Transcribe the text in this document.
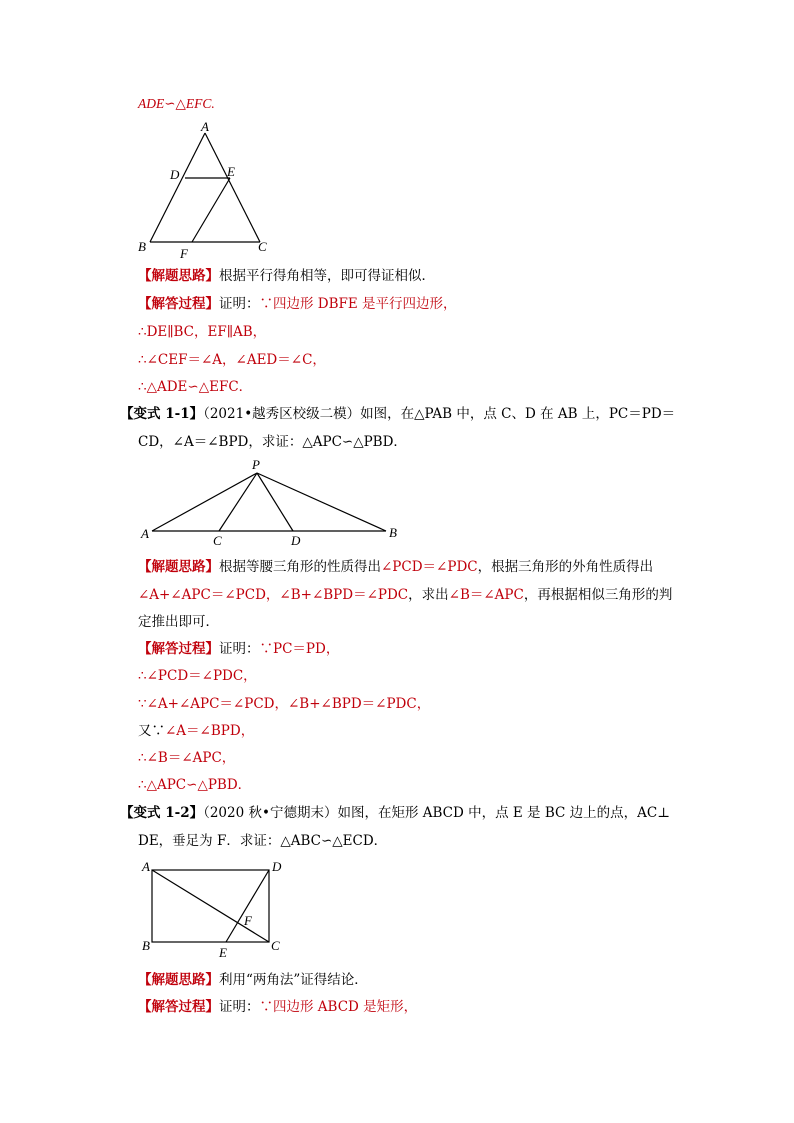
ADE∽△EFC.
A
D	E
B	F	C
【解题思路】根据平行得角相等，即可得证相似．
【解答过程】证明：∵四边形 DBFE 是平行四边形，
∴DE∥BC，EF∥AB，
∴∠CEF＝∠A，∠AED＝∠C，
∴△ADE∽△EFC．
【变式 1-1】（2021•越秀区校级二模）如图，在△PAB 中，点 C、D 在 AB 上，PC＝PD＝
CD，∠A＝∠BPD，求证：△APC∽△PBD．
P
A	C	D
B
【解题思路】根据等腰三角形的性质得出∠PCD＝∠PDC，根据三角形的外角性质得出
∠A+∠APC＝∠PCD，∠B+∠BPD＝∠PDC，求出∠B＝∠APC，再根据相似三角形的判
定推出即可．
【解答过程】证明：∵PC＝PD，
∴∠PCD＝∠PDC，
∵∠A+∠APC＝∠PCD，∠B+∠BPD＝∠PDC，
又∵∠A＝∠BPD，
∴∠B＝∠APC，
∴△APC∽△PBD．
【变式 1-2】（2020 秋•宁德期末）如图，在矩形 ABCD 中，点 E 是 BC 边上的点，AC⊥
DE，垂足为 F．求证：△ABC∽△ECD．
A	D
F
B	E	C
【解题思路】利用“两角法”证得结论．
【解答过程】证明：∵四边形 ABCD 是矩形，
